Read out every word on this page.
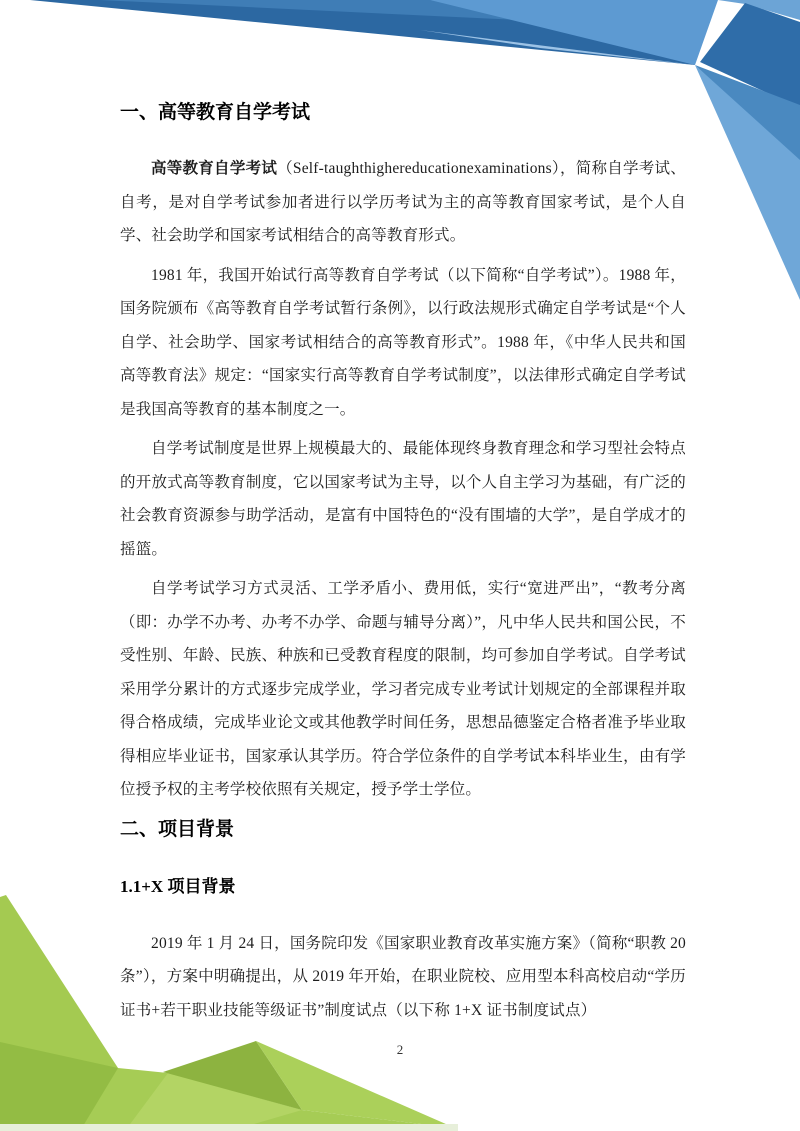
一、高等教育自学考试

高等教育自学考试（Self-taughthighereducationexaminations），简称自学考试、自考，是对自学考试参加者进行以学历考试为主的高等教育国家考试，是个人自学、社会助学和国家考试相结合的高等教育形式。

1981 年，我国开始试行高等教育自学考试（以下简称“自学考试”）。1988 年，国务院颁布《高等教育自学考试暂行条例》，以行政法规形式确定自学考试是“个人自学、社会助学、国家考试相结合的高等教育形式”。1988 年，《中华人民共和国高等教育法》规定：“国家实行高等教育自学考试制度”，以法律形式确定自学考试是我国高等教育的基本制度之一。

自学考试制度是世界上规模最大的、最能体现终身教育理念和学习型社会特点的开放式高等教育制度，它以国家考试为主导，以个人自主学习为基础，有广泛的社会教育资源参与助学活动，是富有中国特色的“没有围墙的大学”，是自学成才的摇篮。

自学考试学习方式灵活、工学矛盾小、费用低，实行“宽进严出”，“教考分离（即：办学不办考、办考不办学、命题与辅导分离）”，凡中华人民共和国公民，不受性别、年龄、民族、种族和已受教育程度的限制，均可参加自学考试。自学考试采用学分累计的方式逐步完成学业，学习者完成专业考试计划规定的全部课程并取得合格成绩，完成毕业论文或其他教学时间任务，思想品德鉴定合格者准予毕业取得相应毕业证书，国家承认其学历。符合学位条件的自学考试本科毕业生，由有学位授予权的主考学校依照有关规定，授予学士学位。

二、项目背景
1.1+X 项目背景

2019 年 1 月 24 日，国务院印发《国家职业教育改革实施方案》（简称“职教 20 条”），方案中明确提出，从 2019 年开始，在职业院校、应用型本科高校启动“学历证书+若干职业技能等级证书”制度试点（以下称 1+X 证书制度试点）

2
